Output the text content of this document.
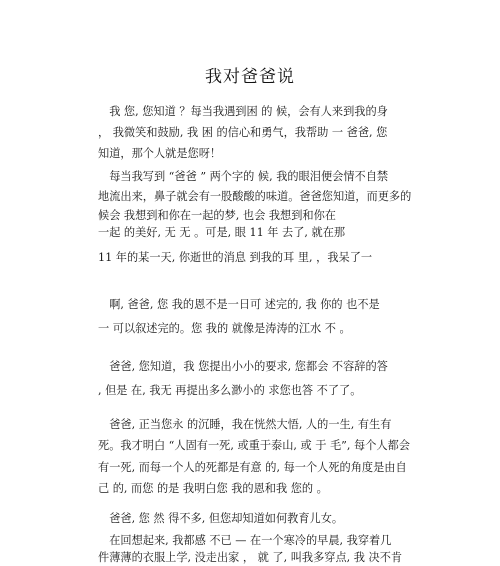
我对爸爸说
　我 您, 您知道 ？每当我遇到困 的 候，会有人来到我的身
， 我微笑和鼓励, 我 困 的信心和勇气，我帮助 一 爸爸, 您
知道，那个人就是您呀！
　每当我写到 “爸爸 ” 两个字的 候, 我的眼泪便会情不自禁
地流出来，鼻子就会有一股酸酸的味道。爸爸您知道，而更多的
候会 我想到和你在一起的梦, 也会 我想到和你在
一起 的美好, 无 无 。可是, 眼 11 年 去了, 就在那
11 年的某一天, 你逝世的消息 到我的耳 里, ，我呆了一
　啊, 爸爸, 您 我的恩不是一日可 述完的, 我 你的 也不是
一 可以叙述完的。您 我的 就像是涛涛的江水 不 。
　爸爸, 您知道，我 您提出小小的要求, 您都会 不容辞的答
, 但是 在, 我无 再提出多么渺小的 求您也答 不了了。
　爸爸, 正当您永 的沉睡，我在恍然大悟, 人的一生, 有生有
死。我才明白 “人固有一死, 或重于泰山, 或 于 毛”, 每个人都会
有一死, 而每一个人的死都是有意 的, 每一个人死的角度是由自
己 的, 而您 的是 我明白您 我的恩和我 您的 。
　爸爸, 您 然 得不多, 但您却知道如何教育儿女。
　在回想起来, 我都感 不已 — 在一个寒冷的早晨, 我穿着几
件薄薄的衣服上学, 没走出家 ， 就 了, 叫我多穿点, 我 决不肯
